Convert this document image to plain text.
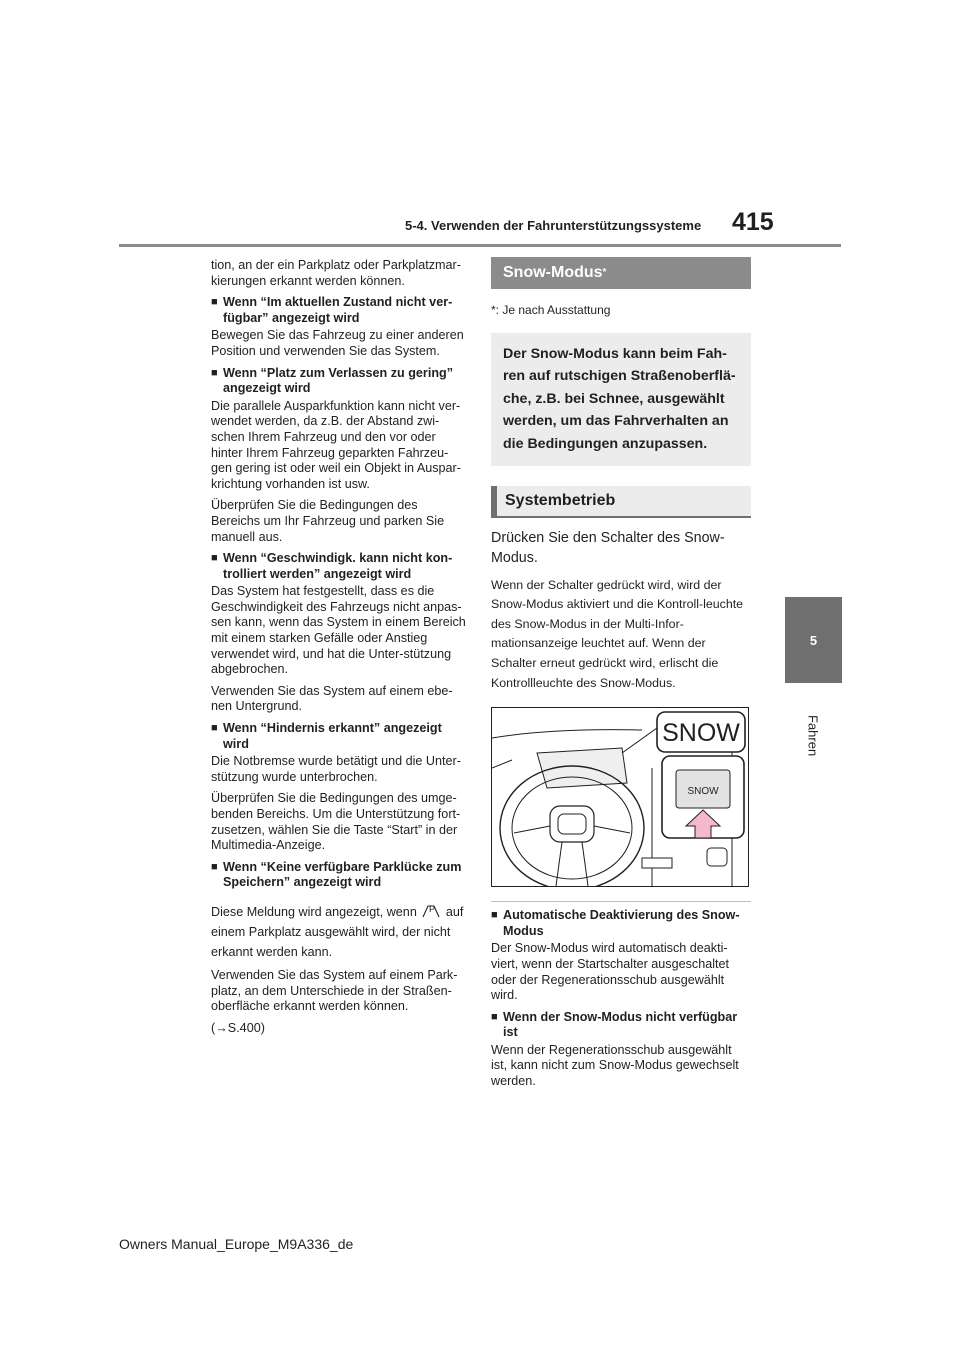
5-4. Verwenden der Fahrunterstützungssysteme 415
5
Fahren

tion, an der ein Parkplatz oder Parkplatzmar-kierungen erkannt werden können.

■ Wenn “Im aktuellen Zustand nicht ver-fügbar” angezeigt wird

Bewegen Sie das Fahrzeug zu einer anderen Position und verwenden Sie das System.

■ Wenn “Platz zum Verlassen zu gering” angezeigt wird

Die parallele Ausparkfunktion kann nicht ver-wendet werden, da z.B. der Abstand zwi-schen Ihrem Fahrzeug und den vor oder hinter Ihrem Fahrzeug geparkten Fahrzeu-gen gering ist oder weil ein Objekt in Auspar-krichtung vorhanden ist usw.

Überprüfen Sie die Bedingungen des Bereichs um Ihr Fahrzeug und parken Sie manuell aus.

■ Wenn “Geschwindigk. kann nicht kon-trolliert werden” angezeigt wird

Das System hat festgestellt, dass es die Geschwindigkeit des Fahrzeugs nicht anpas-sen kann, wenn das System in einem Bereich mit einem starken Gefälle oder Anstieg verwendet wird, und hat die Unter-stützung abgebrochen.

Verwenden Sie das System auf einem ebe-nen Untergrund.

■ Wenn “Hindernis erkannt” angezeigt wird

Die Notbremse wurde betätigt und die Unter-stützung wurde unterbrochen.

Überprüfen Sie die Bedingungen des umge-benden Bereichs. Um die Unterstützung fort-zusetzen, wählen Sie die Taste “Start” in der Multimedia-Anzeige.

■ Wenn “Keine verfügbare Parklücke zum Speichern” angezeigt wird

Diese Meldung wird angezeigt, wenn P auf
einem Parkplatz ausgewählt wird, der nicht erkannt werden kann.

Verwenden Sie das System auf einem Park-platz, an dem Unterschiede in der Straßen-oberfläche erkannt werden können.

(→S.400)

Snow-Modus *
*: Je nach Ausstattung
Der Snow-Modus kann beim Fah-ren auf rutschigen Straßenoberflä-che, z.B. bei Schnee, ausgewählt werden, um das Fahrverhalten an die Bedingungen anzupassen.
Systembetrieb
Drücken Sie den Schalter des Snow-Modus.
Wenn der Schalter gedrückt wird, wird der Snow-Modus aktiviert und die Kontroll-leuchte des Snow-Modus in der Multi-Infor-mationsanzeige leuchtet auf. Wenn der Schalter erneut gedrückt wird, erlischt die Kontrollleuchte des Snow-Modus.
SNOW
SNOW
■ Automatische Deaktivierung des Snow-Modus

Der Snow-Modus wird automatisch deakti-viert, wenn der Startschalter ausgeschaltet oder der Regenerationsschub ausgewählt wird.

■ Wenn der Snow-Modus nicht verfügbar ist

Wenn der Regenerationsschub ausgewählt ist, kann nicht zum Snow-Modus gewechselt werden.

Owners Manual_Europe_M9A336_de
